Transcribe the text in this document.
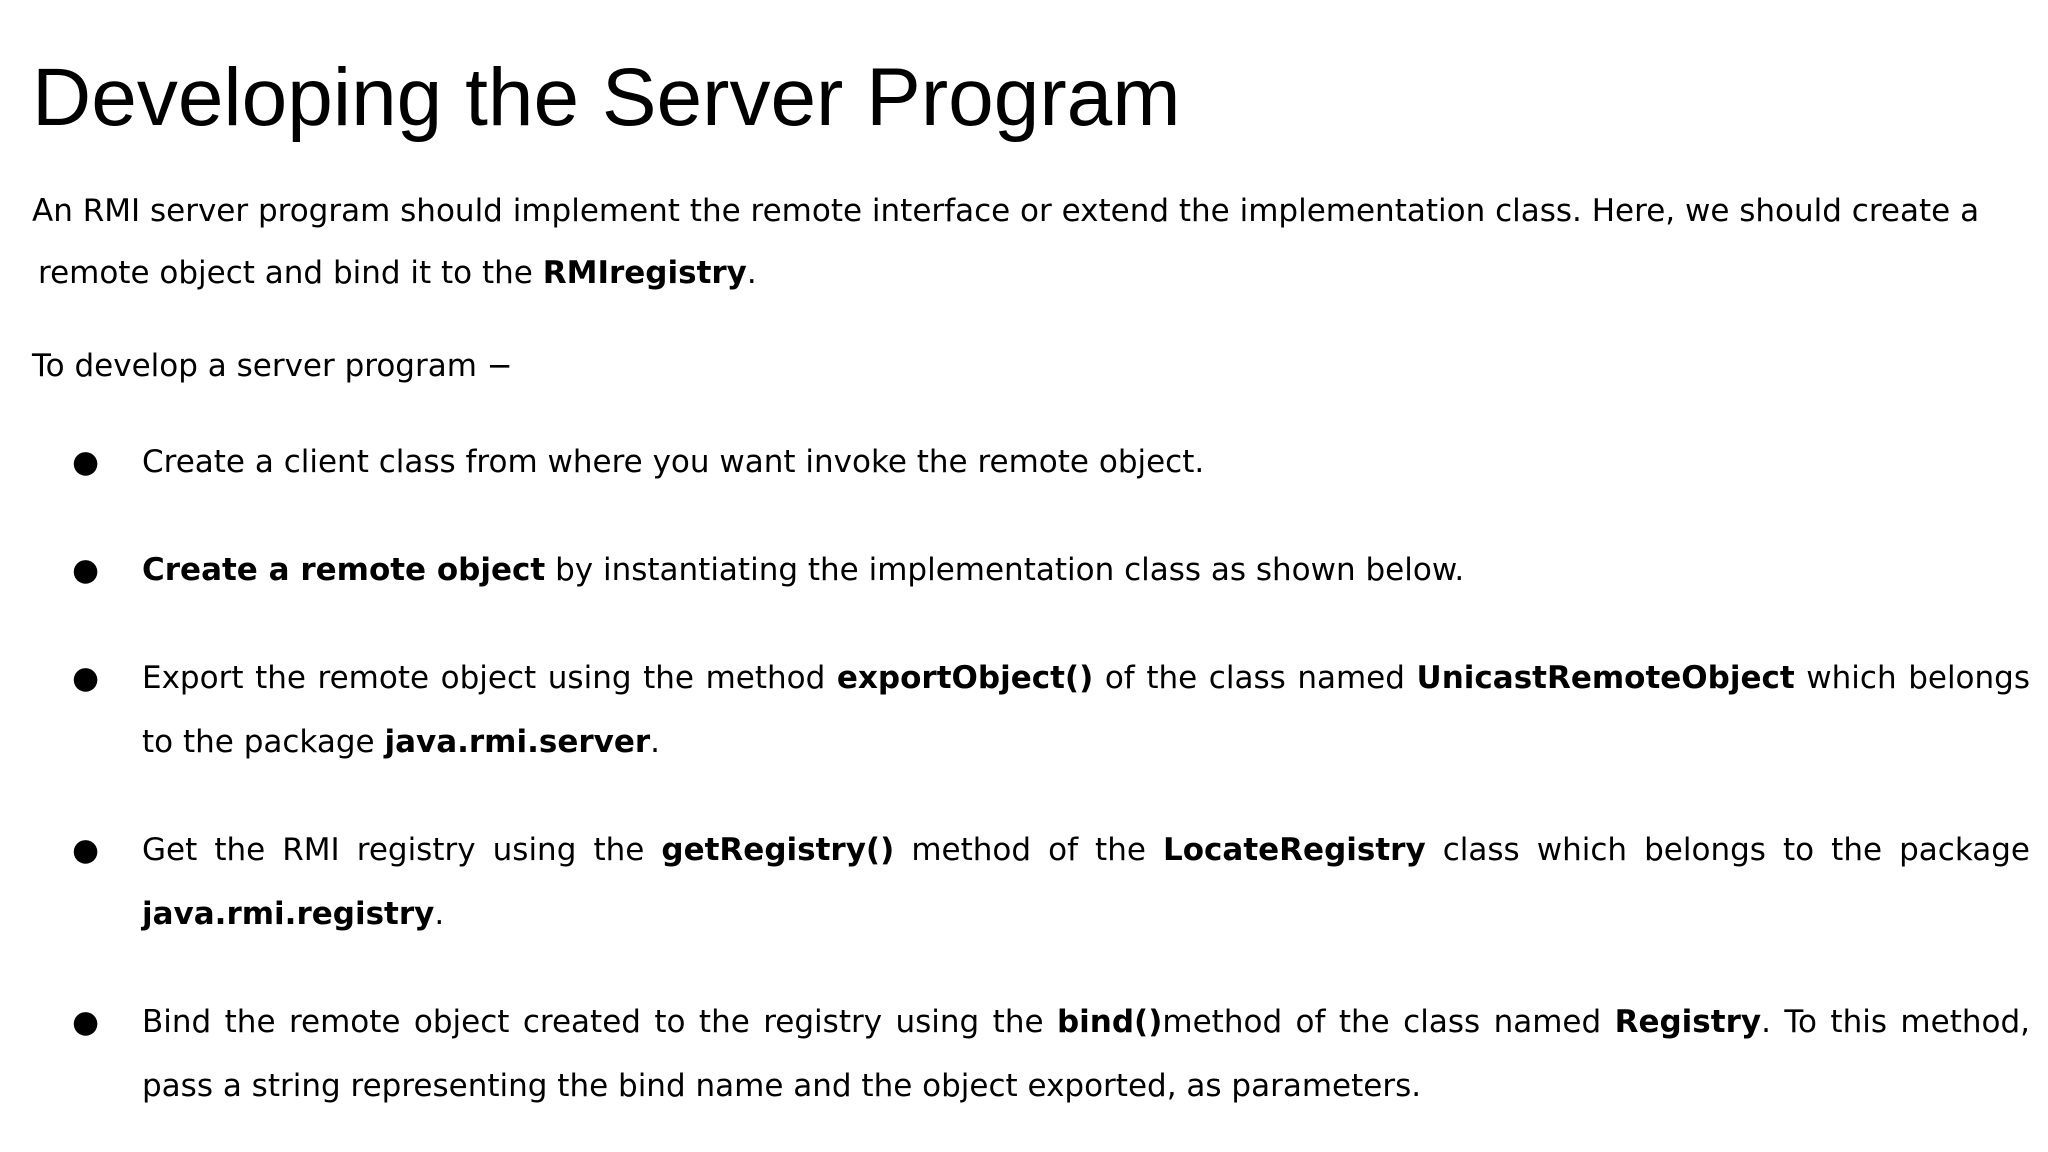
Developing the Server Program

An RMI server program should implement the remote interface or extend the implementation class. Here, we should create a
remote object and bind it to the RMIregistry.

To develop a server program −

● Create a client class from where you want invoke the remote object.

● Create a remote object by instantiating the implementation class as shown below.

● Export the remote object using the method exportObject() of the class named UnicastRemoteObject which belongs to the package java.rmi.server.

● Get the RMI registry using the getRegistry() method of the LocateRegistry class which belongs to the package java.rmi.registry.

● Bind the remote object created to the registry using the bind()method of the class named Registry. To this method, pass a string representing the bind name and the object exported, as parameters.
